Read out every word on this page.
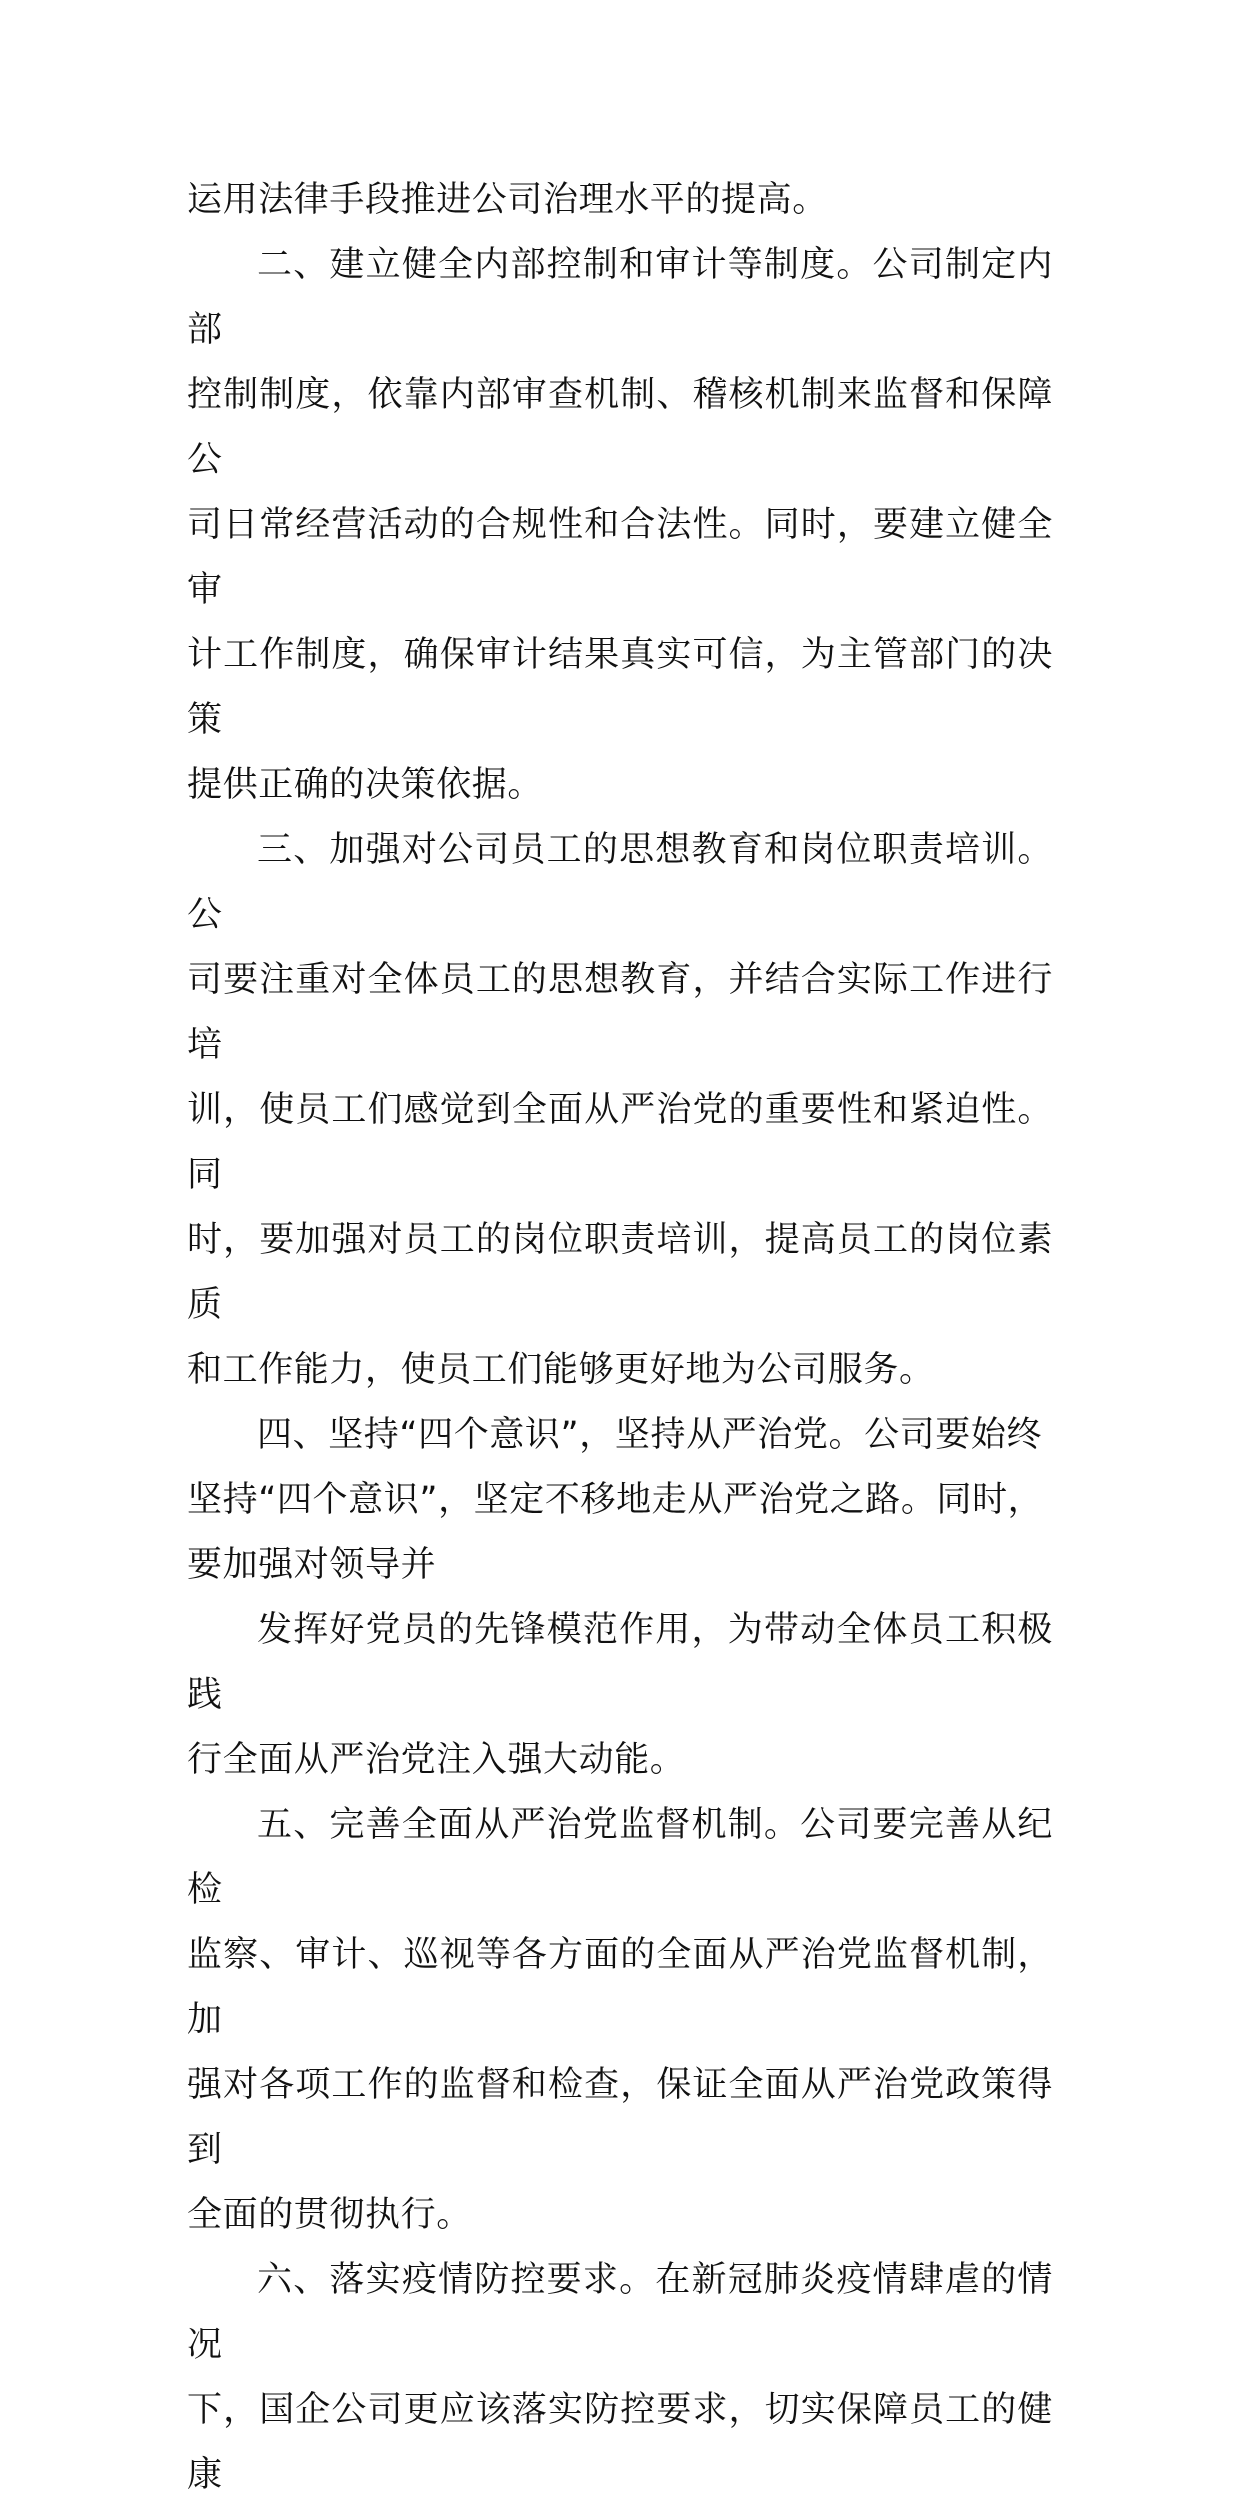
运用法律手段推进公司治理水平的提高。

二、建立健全内部控制和审计等制度。公司制定内部
控制制度，依靠内部审查机制、稽核机制来监督和保障公
司日常经营活动的合规性和合法性。同时，要建立健全审
计工作制度，确保审计结果真实可信，为主管部门的决策
提供正确的决策依据。

三、加强对公司员工的思想教育和岗位职责培训。公
司要注重对全体员工的思想教育，并结合实际工作进行培
训，使员工们感觉到全面从严治党的重要性和紧迫性。同
时，要加强对员工的岗位职责培训，提高员工的岗位素质
和工作能力，使员工们能够更好地为公司服务。

四、坚持“四个意识”，坚持从严治党。公司要始终
坚持“四个意识”，坚定不移地走从严治党之路。同时，
要加强对领导并

发挥好党员的先锋模范作用，为带动全体员工积极践
行全面从严治党注入强大动能。

五、完善全面从严治党监督机制。公司要完善从纪检
监察、审计、巡视等各方面的全面从严治党监督机制，加
强对各项工作的监督和检查，保证全面从严治党政策得到
全面的贯彻执行。

六、落实疫情防控要求。在新冠肺炎疫情肆虐的情况
下，国企公司更应该落实防控要求，切实保障员工的健康
